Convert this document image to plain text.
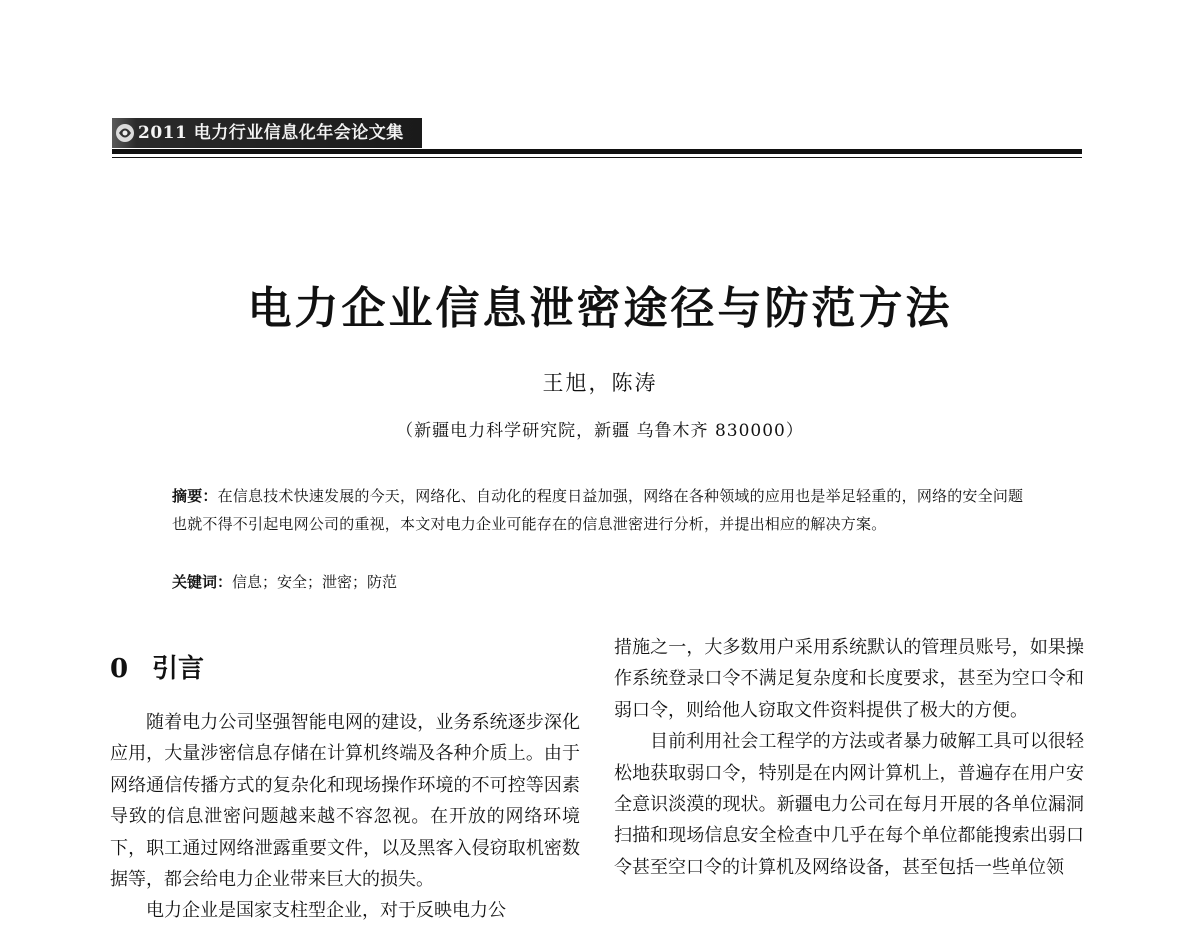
2011 电力行业信息化年会论文集
电力企业信息泄密途径与防范方法
王旭，陈涛
（新疆电力科学研究院，新疆 乌鲁木齐 830000）
摘要：在信息技术快速发展的今天，网络化、自动化的程度日益加强，网络在各种领域的应用也是举足轻重的，网络的安全问题也就不得不引起电网公司的重视，本文对电力企业可能存在的信息泄密进行分析，并提出相应的解决方案。
关键词：信息；安全；泄密；防范
0 引言

随着电力公司坚强智能电网的建设，业务系统逐步深化应用，大量涉密信息存储在计算机终端及各种介质上。由于网络通信传播方式的复杂化和现场操作环境的不可控等因素导致的信息泄密问题越来越不容忽视。在开放的网络环境下，职工通过网络泄露重要文件，以及黑客入侵窃取机密数据等，都会给电力企业带来巨大的损失。

电力企业是国家支柱型企业，对于反映电力公

措施之一，大多数用户采用系统默认的管理员账号，如果操作系统登录口令不满足复杂度和长度要求，甚至为空口令和弱口令，则给他人窃取文件资料提供了极大的方便。

目前利用社会工程学的方法或者暴力破解工具可以很轻松地获取弱口令，特别是在内网计算机上，普遍存在用户安全意识淡漠的现状。新疆电力公司在每月开展的各单位漏洞扫描和现场信息安全检查中几乎在每个单位都能搜索出弱口令甚至空口令的计算机及网络设备，甚至包括一些单位领
